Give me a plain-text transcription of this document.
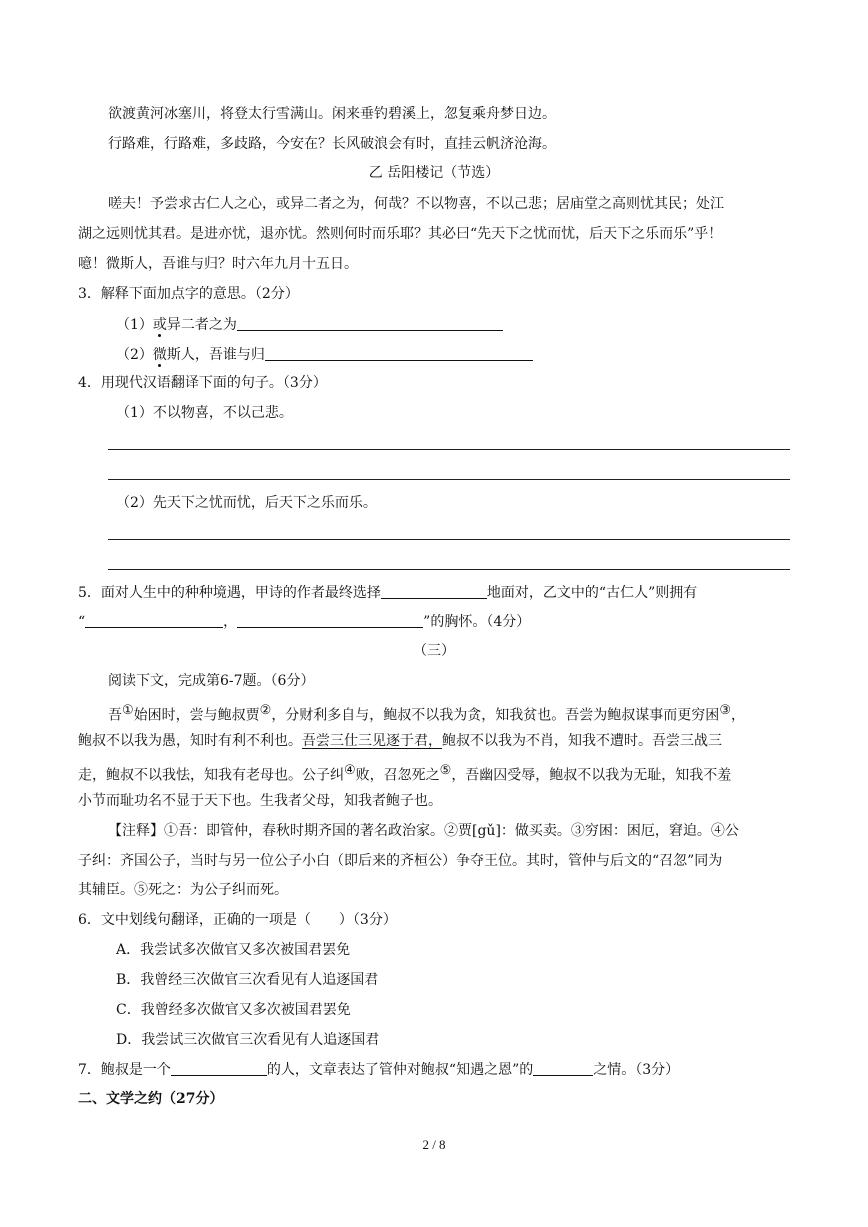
欲渡黄河冰塞川，将登太行雪满山。闲来垂钓碧溪上，忽复乘舟梦日边。
行路难，行路难，多歧路，今安在？长风破浪会有时，直挂云帆济沧海。
乙 岳阳楼记（节选）
嗟夫！予尝求古仁人之心，或异二者之为，何哉？不以物喜，不以己悲；居庙堂之高则忧其民；处江
湖之远则忧其君。是进亦忧，退亦忧。然则何时而乐耶？其必曰“先天下之忧而忧，后天下之乐而乐”乎！
噫！微斯人，吾谁与归？时六年九月十五日。
3．解释下面加点字的意思。（2分）
（1）或异二者之为
（2）微斯人，吾谁与归
4．用现代汉语翻译下面的句子。（3分）
（1）不以物喜，不以己悲。
（2）先天下之忧而忧，后天下之乐而乐。
5．面对人生中的种种境遇，甲诗的作者最终选择	地面对，乙文中的“古仁人”则拥有
“	，	”的胸怀。（4分）
（三）
阅读下文，完成第6-7题。（6分）
吾①始困时，尝与鲍叔贾②，分财利多自与，鲍叔不以我为贪，知我贫也。吾尝为鲍叔谋事而更穷困③，
鲍叔不以我为愚，知时有利不利也。吾尝三仕三见逐于君，鲍叔不以我为不肖，知我不遭时。吾尝三战三
走，鲍叔不以我怯，知我有老母也。公子纠④败，召忽死之⑤，吾幽囚受辱，鲍叔不以我为无耻，知我不羞
小节而耻功名不显于天下也。生我者父母，知我者鲍子也。
【注释】①吾：即管仲，春秋时期齐国的著名政治家。②贾[gǔ]：做买卖。③穷困：困厄，窘迫。④公
子纠：齐国公子，当时与另一位公子小白（即后来的齐桓公）争夺王位。其时，管仲与后文的“召忽”同为
其辅臣。⑤死之：为公子纠而死。
6．文中划线句翻译，正确的一项是（　　）（3分）
A．我尝试多次做官又多次被国君罢免
B．我曾经三次做官三次看见有人追逐国君
C．我曾经多次做官又多次被国君罢免
D．我尝试三次做官三次看见有人追逐国君
7．鲍叔是一个	的人，文章表达了管仲对鲍叔“知遇之恩”的	之情。（3分）
二、文学之约（27分）
2 / 8
